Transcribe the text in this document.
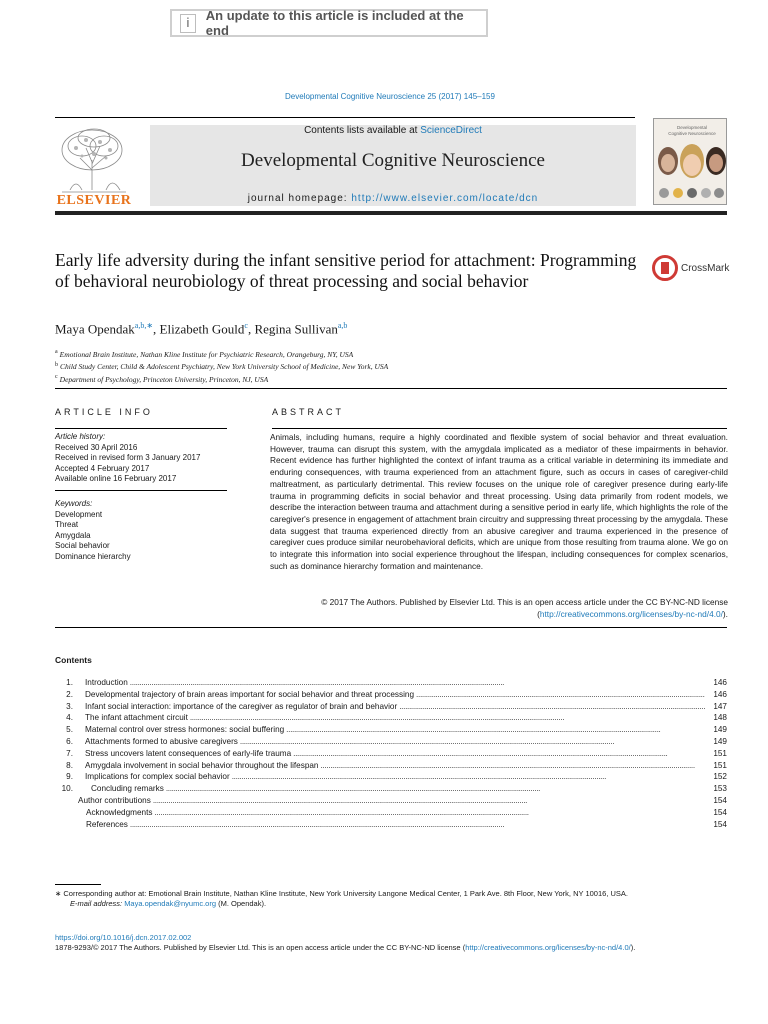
i	An update to this article is included at the end
Developmental Cognitive Neuroscience 25 (2017) 145–159
Contents lists available at ScienceDirect
Developmental Cognitive Neuroscience
journal homepage: http://www.elsevier.com/locate/dcn
ELSEVIER
Developmental
Cognitive Neuroscience
Early life adversity during the infant sensitive period for attachment: Programming of behavioral neurobiology of threat processing and social behavior
CrossMark
Maya Opendak$^{a,b,∗}$, Elizabeth Gould$^c$, Regina Sullivan$^{a,b}$
$^a$ Emotional Brain Institute, Nathan Kline Institute for Psychiatric Research, Orangeburg, NY, USA
$^b$ Child Study Center, Child & Adolescent Psychiatry, New York University School of Medicine, New York, USA
$^c$ Department of Psychology, Princeton University, Princeton, NJ, USA
ARTICLE INFO	ABSTRACT
Article history:
Received 30 April 2016
Received in revised form 3 January 2017
Accepted 4 February 2017
Available online 16 February 2017
Keywords:
Development
Threat
Amygdala
Social behavior
Dominance hierarchy
Animals, including humans, require a highly coordinated and flexible system of social behavior and threat evaluation. However, trauma can disrupt this system, with the amygdala implicated as a mediator of these impairments in behavior. Recent evidence has further highlighted the context of infant trauma as a critical variable in determining its immediate and enduring consequences, with trauma experienced from an attachment figure, such as occurs in cases of caregiver-child maltreatment, as particularly detrimental. This review focuses on the unique role of caregiver presence during early-life trauma in programming deficits in social behavior and threat processing. Using data primarily from rodent models, we describe the interaction between trauma and attachment during a sensitive period in early life, which highlights the role of the caregiver's presence in engagement of attachment brain circuitry and suppressing threat processing by the amygdala. These data suggest that trauma experienced directly from an abusive caregiver and trauma experienced in the presence of caregiver cues produce similar neurobehavioral deficits, which are unique from those resulting from trauma alone. We go on to integrate this information into social experience throughout the lifespan, including consequences for complex scenarios, such as dominance hierarchy formation and maintenance.
© 2017 The Authors. Published by Elsevier Ltd. This is an open access article under the CC BY-NC-ND license (http://creativecommons.org/licenses/by-nc-nd/4.0/).
Contents
1. Introduction . . .	146
2. Developmental trajectory of brain areas important for social behavior and threat processing . . .	146
3. Infant social interaction: importance of the caregiver as regulator of brain and behavior . . .	147
4. The infant attachment circuit . . .	148
5. Maternal control over stress hormones: social buffering . . .	149
6. Attachments formed to abusive caregivers . . .	149
7. Stress uncovers latent consequences of early-life trauma . . .	151
8. Amygdala involvement in social behavior throughout the lifespan . . .	151
9. Implications for complex social behavior . . .	152
10. Concluding remarks . . .	153
Author contributions . . .	154
Acknowledgments . . .	154
References . . .	154
∗ Corresponding author at: Emotional Brain Institute, Nathan Kline Institute, New York University Langone Medical Center, 1 Park Ave. 8th Floor, New York, NY 10016, USA.
E-mail address: Maya.opendak@nyumc.org (M. Opendak).
https://doi.org/10.1016/j.dcn.2017.02.002
1878-9293/© 2017 The Authors. Published by Elsevier Ltd. This is an open access article under the CC BY-NC-ND license (http://creativecommons.org/licenses/by-nc-nd/4.0/).
